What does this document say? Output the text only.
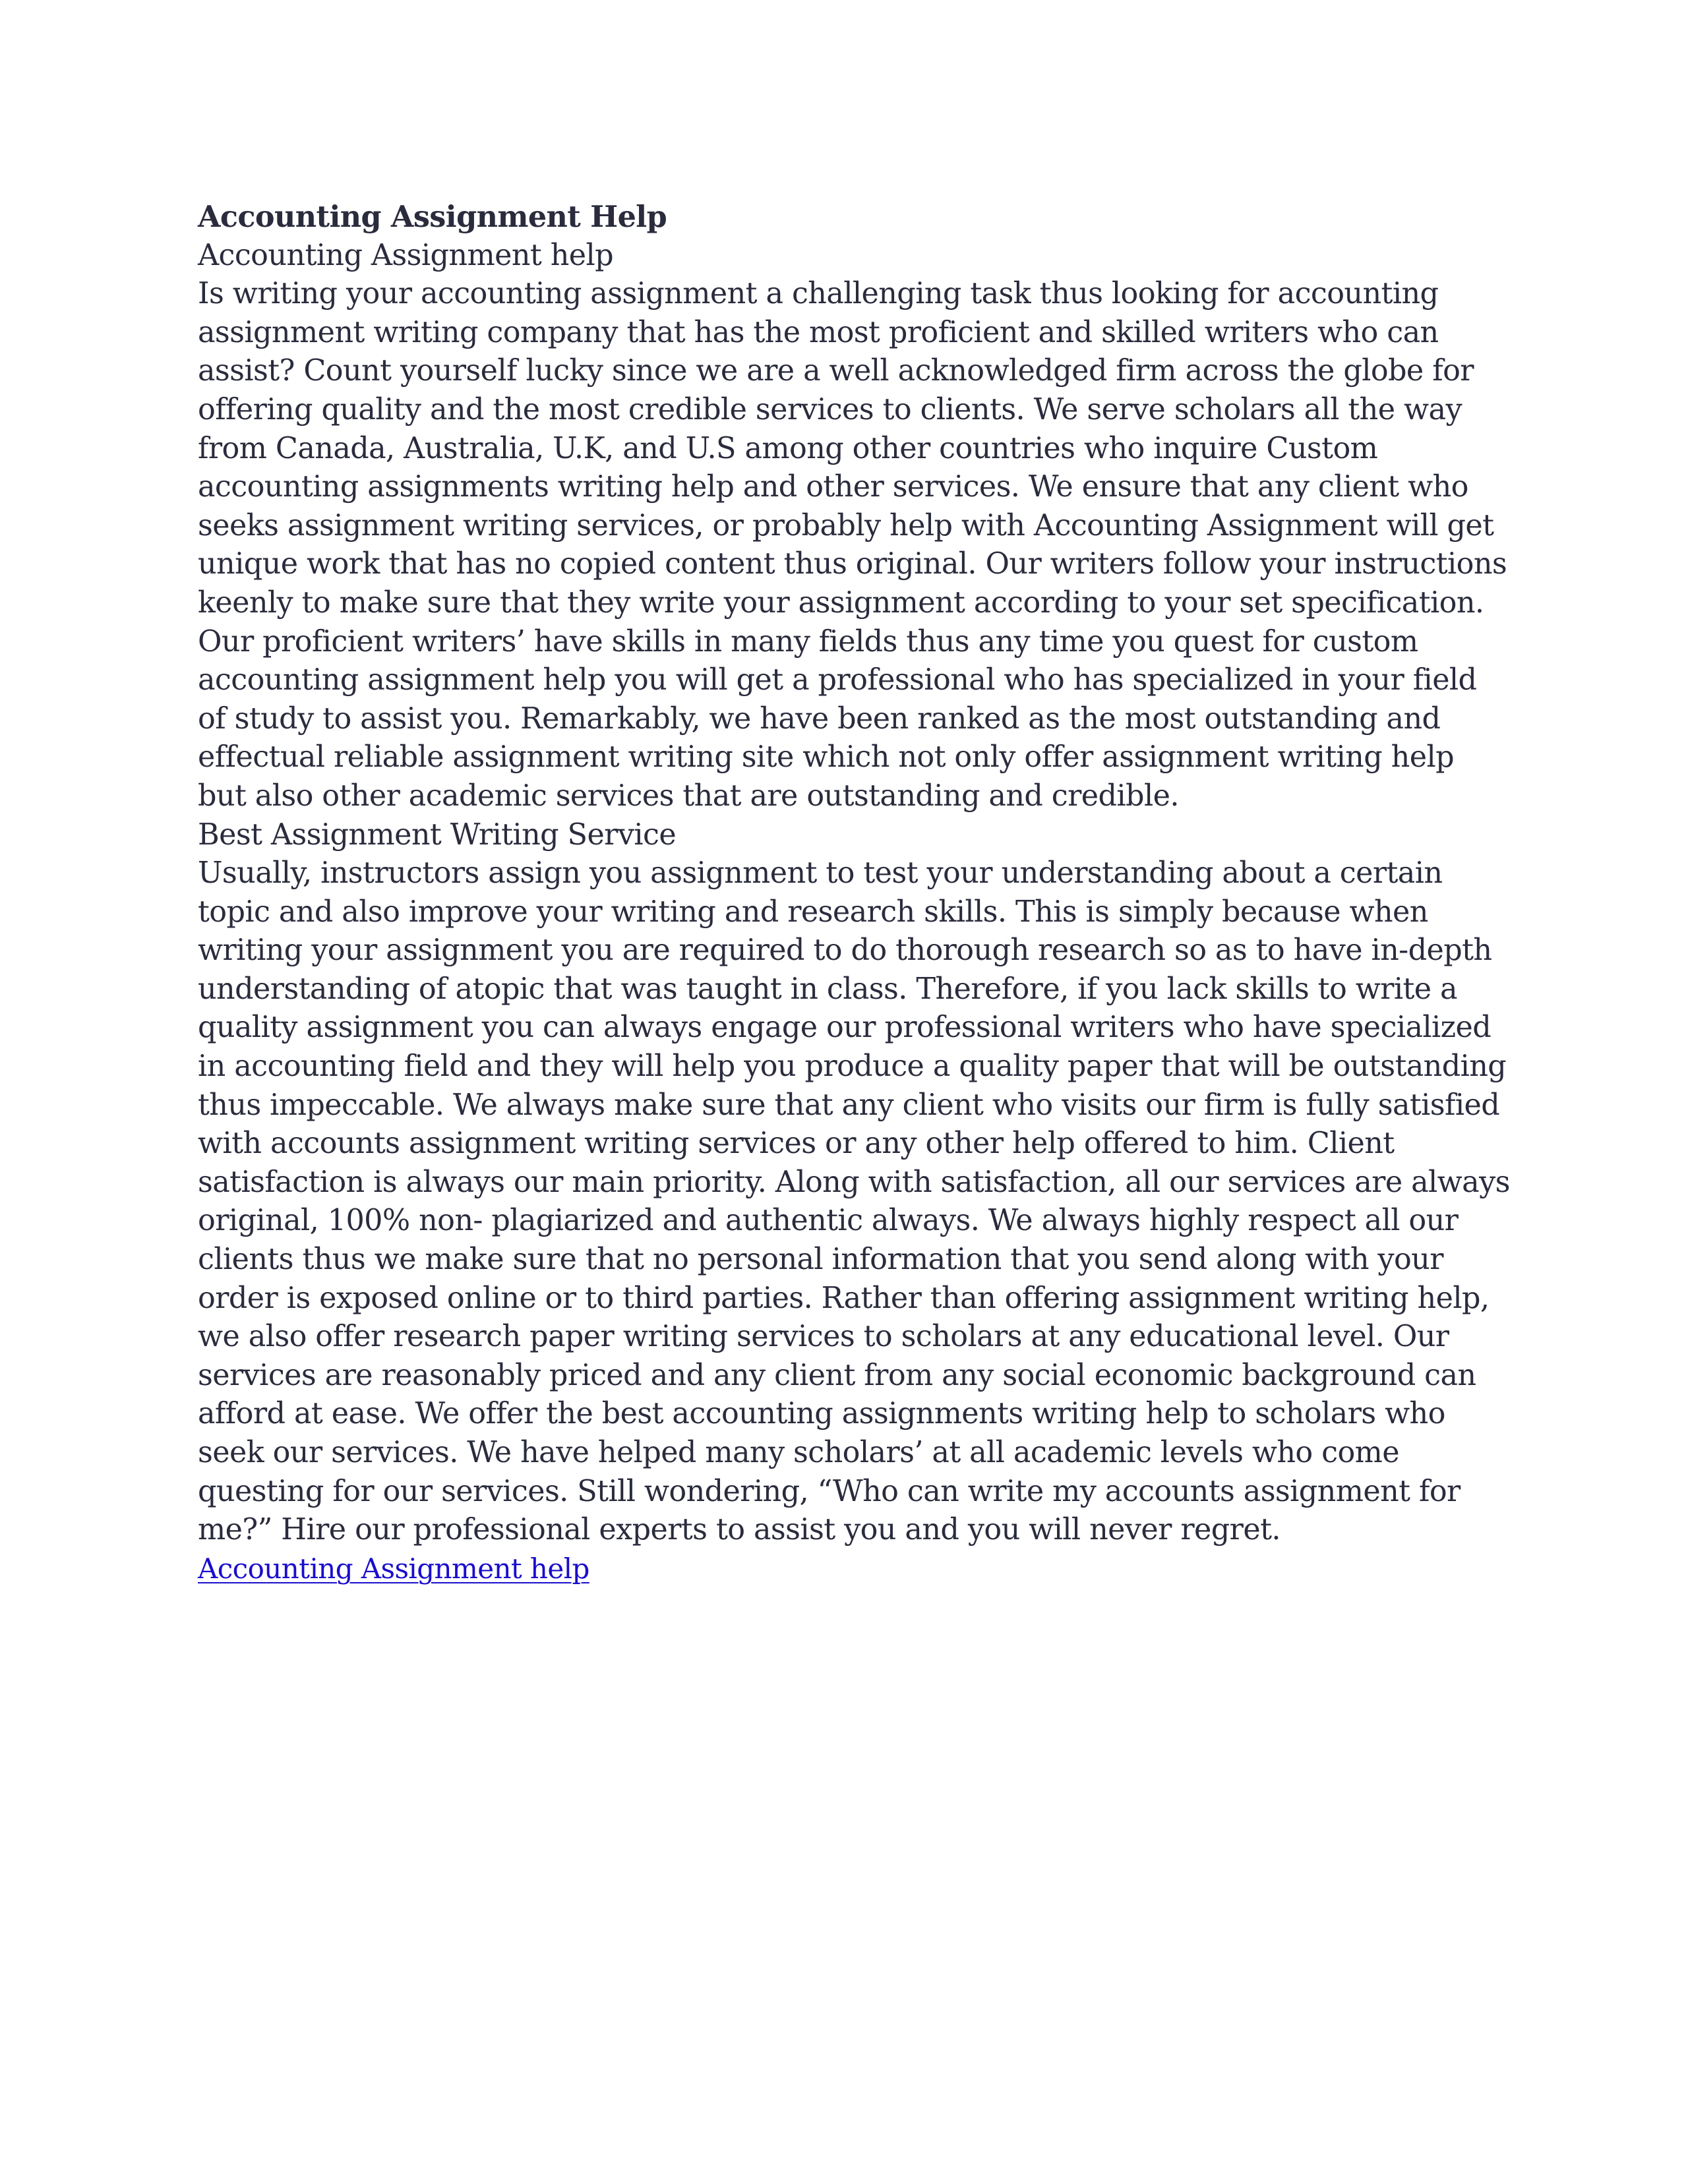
Accounting Assignment Help

Accounting Assignment help

Is writing your accounting assignment a challenging task thus looking for accounting assignment writing company that has the most proficient and skilled writers who can assist? Count yourself lucky since we are a well acknowledged firm across the globe for offering quality and the most credible services to clients. We serve scholars all the way from Canada, Australia, U.K, and U.S among other countries who inquire Custom accounting assignments writing help and other services. We ensure that any client who seeks assignment writing services, or probably help with Accounting Assignment will get unique work that has no copied content thus original. Our writers follow your instructions keenly to make sure that they write your assignment according to your set specification. Our proficient writers’ have skills in many fields thus any time you quest for custom accounting assignment help you will get a professional who has specialized in your field of study to assist you. Remarkably, we have been ranked as the most outstanding and effectual reliable assignment writing site which not only offer assignment writing help but also other academic services that are outstanding and credible.

Best Assignment Writing Service

Usually, instructors assign you assignment to test your understanding about a certain topic and also improve your writing and research skills. This is simply because when writing your assignment you are required to do thorough research so as to have in-depth understanding of atopic that was taught in class. Therefore, if you lack skills to write a quality assignment you can always engage our professional writers who have specialized in accounting field and they will help you produce a quality paper that will be outstanding thus impeccable. We always make sure that any client who visits our firm is fully satisfied with accounts assignment writing services or any other help offered to him. Client satisfaction is always our main priority. Along with satisfaction, all our services are always original, 100% non- plagiarized and authentic always. We always highly respect all our clients thus we make sure that no personal information that you send along with your order is exposed online or to third parties. Rather than offering assignment writing help, we also offer research paper writing services to scholars at any educational level. Our services are reasonably priced and any client from any social economic background can afford at ease. We offer the best accounting assignments writing help to scholars who seek our services. We have helped many scholars’ at all academic levels who come questing for our services. Still wondering, “Who can write my accounts assignment for me?” Hire our professional experts to assist you and you will never regret.

Accounting Assignment help
